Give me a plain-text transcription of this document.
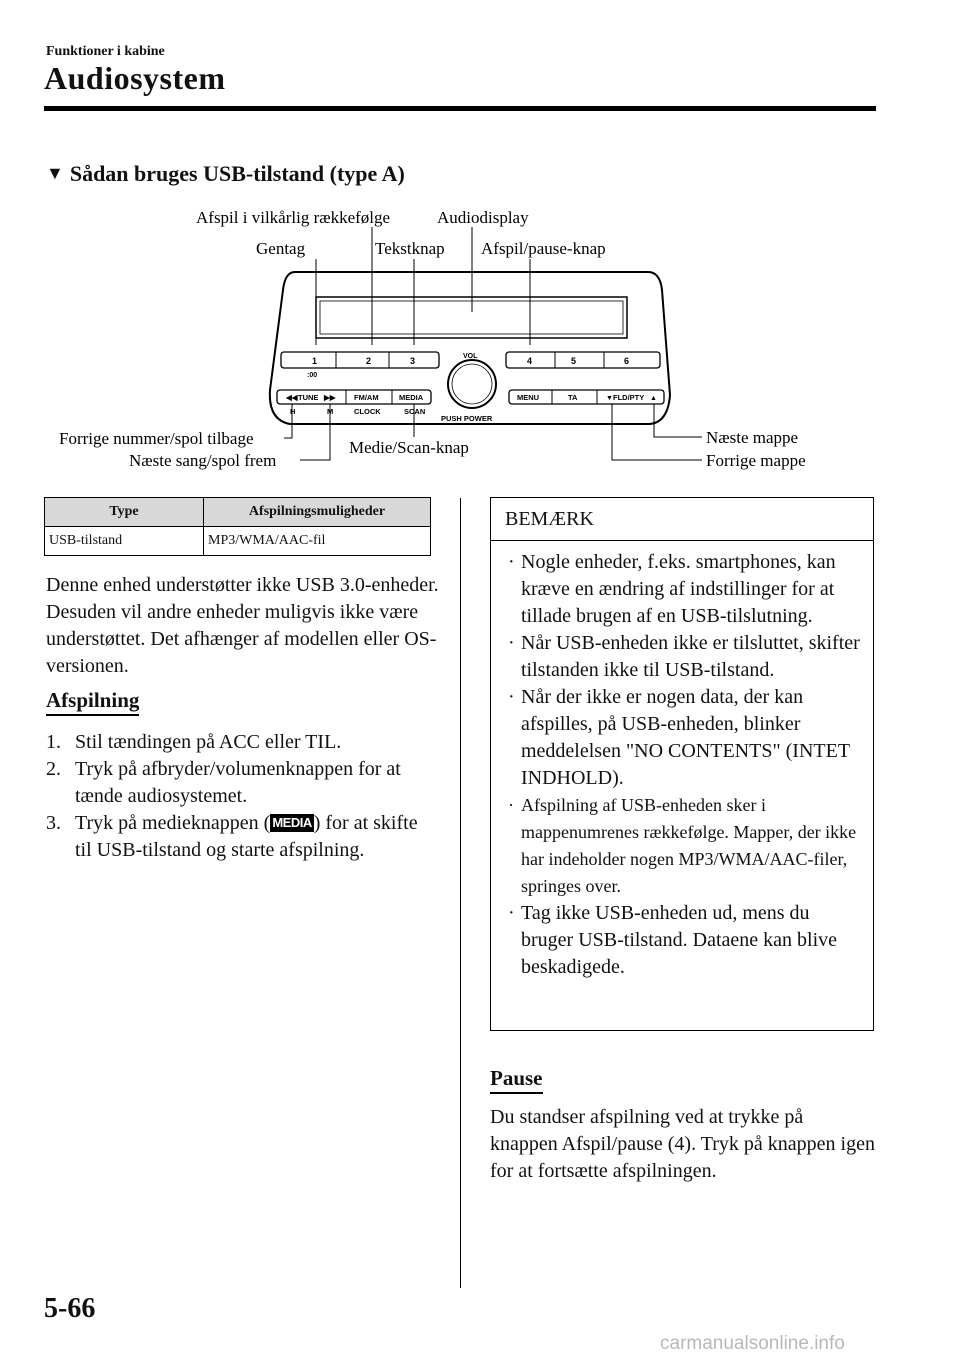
Funktioner i kabine
Audiosystem
▼ Sådan bruges USB-tilstand (type A)
Afspil i vilkårlig rækkefølge	Audiodisplay
Gentag	Tekstknap Afspil/pause-knap
Forrige nummer/spol tilbage
Næste sang/spol frem
Medie/Scan-knap
Næste mappe
Forrige mappe
1	2	3
:00
4	5	6
VOL
PUSH POWER
TUNE
◀◀	▶▶ FM/AM	MEDIA
H	M	CLOCK	SCAN
MENU	TA	▼ FLD/PTY ▲
Type	Afspilningsmuligheder
USB-tilstand	MP3/WMA/AAC-fil
Denne enhed understøtter ikke USB 3.0-enheder. Desuden vil andre enheder muligvis ikke være understøttet. Det afhænger af modellen eller OS-versionen.
Afspilning
1. Stil tændingen på ACC eller TIL.
2. Tryk på afbryder/volumenknappen for at tænde audiosystemet.
3. Tryk på medieknappen ( MEDIA ) for at skifte til USB-tilstand og starte afspilning.
BEMÆRK
· Nogle enheder, f.eks. smartphones, kan kræve en ændring af indstillinger for at tillade brugen af en USB-tilslutning.
· Når USB-enheden ikke er tilsluttet, skifter tilstanden ikke til USB-tilstand.
· Når der ikke er nogen data, der kan afspilles, på USB-enheden, blinker meddelelsen "NO CONTENTS" (INTET INDHOLD).
· Afspilning af USB-enheden sker i mappenumrenes rækkefølge. Mapper, der ikke har indeholder nogen MP3/WMA/AAC-filer, springes over.
· Tag ikke USB-enheden ud, mens du bruger USB-tilstand. Dataene kan blive beskadigede.
Pause
Du standser afspilning ved at trykke på knappen Afspil/pause (4). Tryk på knappen igen for at fortsætte afspilningen.
5-66
carmanualsonline.info
